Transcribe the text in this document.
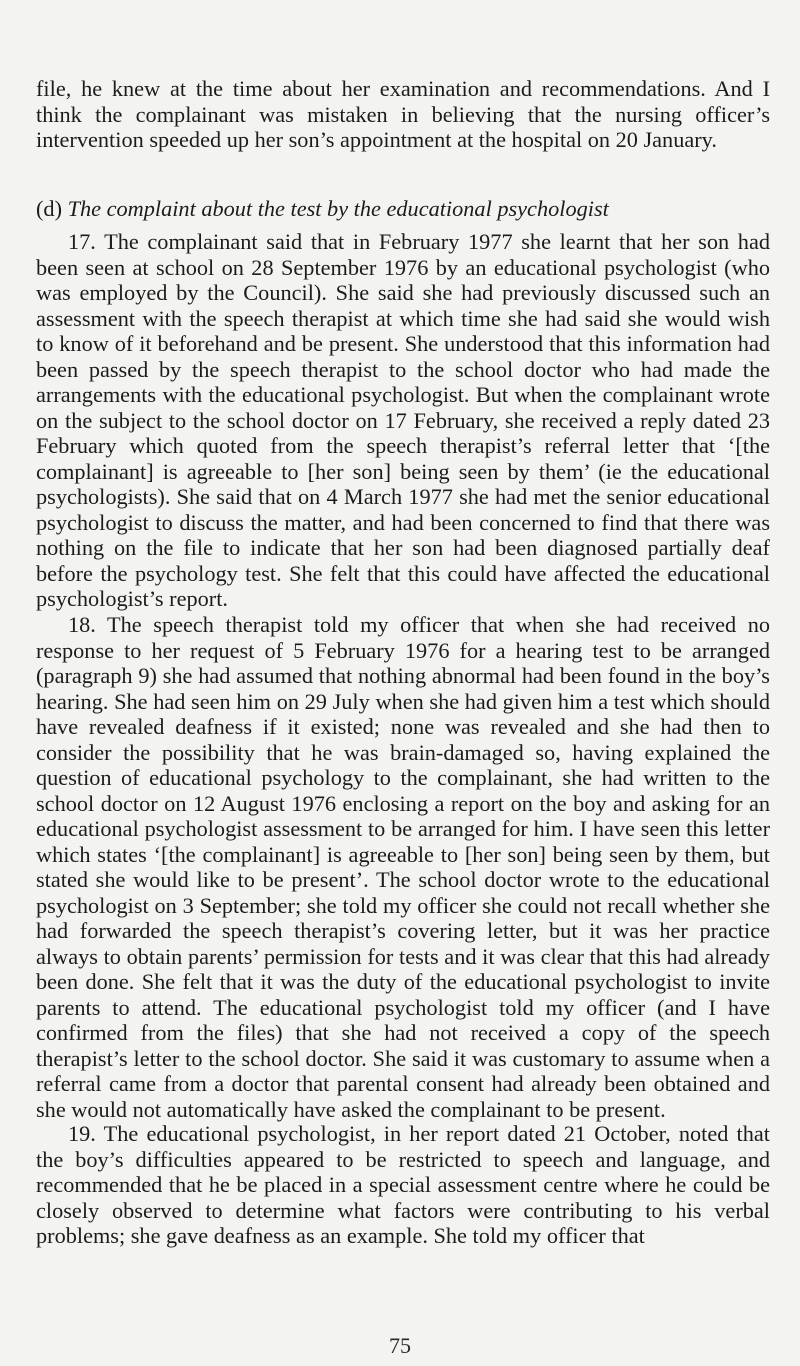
file, he knew at the time about her examination and recommendations. And I think the complainant was mistaken in believing that the nursing officer’s intervention speeded up her son’s appointment at the hospital on 20 January.

(d) The complaint about the test by the educational psychologist

17. The complainant said that in February 1977 she learnt that her son had been seen at school on 28 September 1976 by an educational psychologist (who was employed by the Council). She said she had previously discussed such an assessment with the speech therapist at which time she had said she would wish to know of it beforehand and be present. She understood that this information had been passed by the speech therapist to the school doctor who had made the arrangements with the educational psychologist. But when the complainant wrote on the subject to the school doctor on 17 February, she received a reply dated 23 February which quoted from the speech therapist’s referral letter that ‘[the complainant] is agreeable to [her son] being seen by them’ (ie the educational psychologists). She said that on 4 March 1977 she had met the senior educational psychologist to discuss the matter, and had been concerned to find that there was nothing on the file to indicate that her son had been diagnosed partially deaf before the psychology test. She felt that this could have affected the educational psychologist’s report.

18. The speech therapist told my officer that when she had received no response to her request of 5 February 1976 for a hearing test to be arranged (paragraph 9) she had assumed that nothing abnormal had been found in the boy’s hearing. She had seen him on 29 July when she had given him a test which should have revealed deafness if it existed; none was revealed and she had then to consider the possibility that he was brain-damaged so, having explained the question of educational psychology to the complainant, she had written to the school doctor on 12 August 1976 enclosing a report on the boy and asking for an educational psychologist assessment to be arranged for him. I have seen this letter which states ‘[the complainant] is agreeable to [her son] being seen by them, but stated she would like to be present’. The school doctor wrote to the educational psychologist on 3 September; she told my officer she could not recall whether she had forwarded the speech therapist’s covering letter, but it was her practice always to obtain parents’ permission for tests and it was clear that this had already been done. She felt that it was the duty of the educational psychologist to invite parents to attend. The educational psychologist told my officer (and I have confirmed from the files) that she had not received a copy of the speech therapist’s letter to the school doctor. She said it was customary to assume when a referral came from a doctor that parental consent had already been obtained and she would not automatically have asked the complainant to be present.

19. The educational psychologist, in her report dated 21 October, noted that the boy’s difficulties appeared to be restricted to speech and language, and recommended that he be placed in a special assessment centre where he could be closely observed to determine what factors were contributing to his verbal problems; she gave deafness as an example. She told my officer that

75
